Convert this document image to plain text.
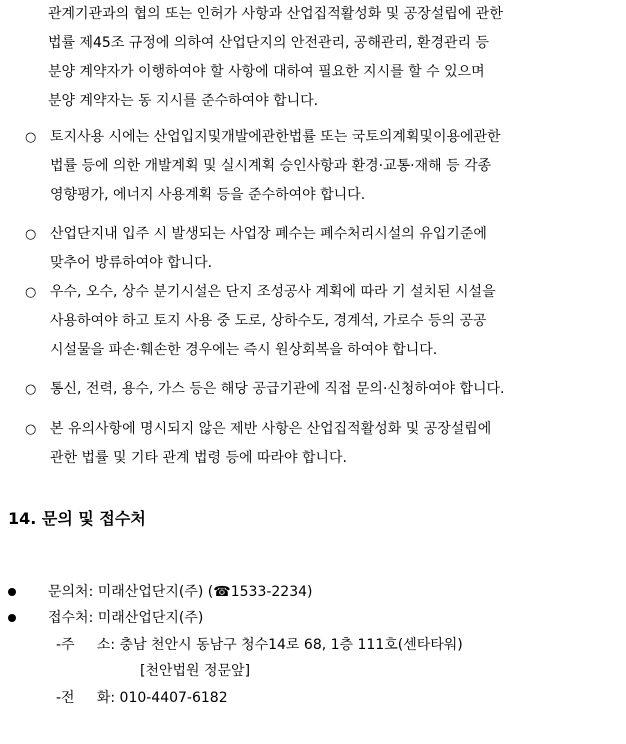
관계기관과의 협의 또는 인허가 사항과 산업집적활성화 및 공장설립에 관한
법률 제45조 규정에 의하여 산업단지의 안전관리, 공해관리, 환경관리 등
분양 계약자가 이행하여야 할 사항에 대하여 필요한 지시를 할 수 있으며
분양 계약자는 동 지시를 준수하여야 합니다.
○ 토지사용 시에는 산업입지및개발에관한법률 또는 국토의계획및이용에관한
법률 등에 의한 개발계획 및 실시계획 승인사항과 환경·교통·재해 등 각종
영향평가, 에너지 사용계획 등을 준수하여야 합니다.
○ 산업단지내 입주 시 발생되는 사업장 폐수는 폐수처리시설의 유입기준에
맞추어 방류하여야 합니다.
○ 우수, 오수, 상수 분기시설은 단지 조성공사 계획에 따라 기 설치된 시설을
사용하여야 하고 토지 사용 중 도로, 상하수도, 경계석, 가로수 등의 공공
시설물을 파손·훼손한 경우에는 즉시 원상회복을 하여야 합니다.
○ 통신, 전력, 용수, 가스 등은 해당 공급기관에 직접 문의·신청하여야 합니다.
○ 본 유의사항에 명시되지 않은 제반 사항은 산업집적활성화 및 공장설립에
관한 법률 및 기타 관계 법령 등에 따라야 합니다.
14. 문의 및 접수처
문의처: 미래산업단지(주) (☎1533-2234)
접수처: 미래산업단지(주)
-주     소: 충남 천안시 동남구 청수14로 68, 1층 111호(센타타워)
[천안법원 정문앞]
-전     화: 010-4407-6182
